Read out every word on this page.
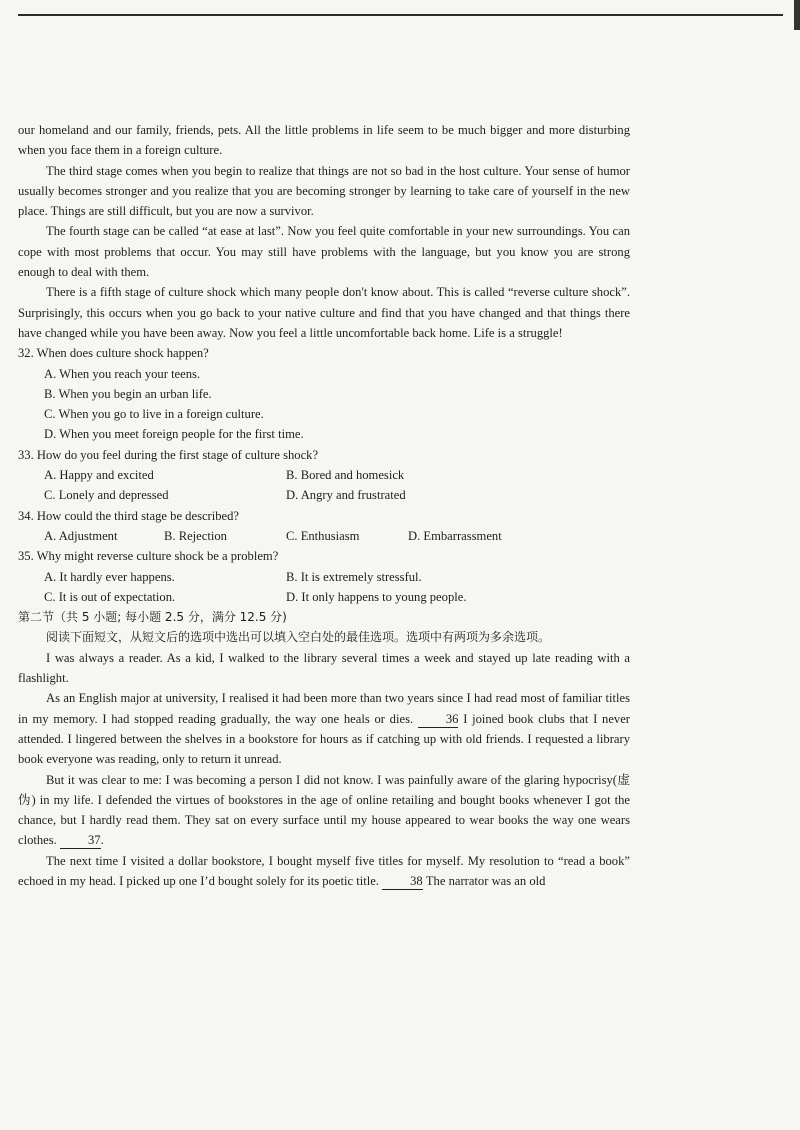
our homeland and our family, friends, pets. All the little problems in life seem to be much bigger and more disturbing when you face them in a foreign culture.

The third stage comes when you begin to realize that things are not so bad in the host culture. Your sense of humor usually becomes stronger and you realize that you are becoming stronger by learning to take care of yourself in the new place. Things are still difficult, but you are now a survivor.

The fourth stage can be called “at ease at last”. Now you feel quite comfortable in your new surroundings. You can cope with most problems that occur. You may still have problems with the language, but you know you are strong enough to deal with them.

There is a fifth stage of culture shock which many people don't know about. This is called “reverse culture shock”. Surprisingly, this occurs when you go back to your native culture and find that you have changed and that things there have changed while you have been away. Now you feel a little uncomfortable back home. Life is a struggle!

32. When does culture shock happen?

A. When you reach your teens.

B. When you begin an urban life.

C. When you go to live in a foreign culture.

D. When you meet foreign people for the first time.

33. How do you feel during the first stage of culture shock?

A. Happy and excited	B. Bored and homesick
C. Lonely and depressed	D. Angry and frustrated

34. How could the third stage be described?

A. Adjustment	B. Rejection	C. Enthusiasm	D. Embarrassment

35. Why might reverse culture shock be a problem?

A. It hardly ever happens.	B. It is extremely stressful.
C. It is out of expectation.	D. It only happens to young people.

第二节（共 5 小题; 每小题 2.5 分，满分 12.5 分)

阅读下面短文，从短文后的选项中选出可以填入空白处的最佳选项。选项中有两项为多余选项。

I was always a reader. As a kid, I walked to the library several times a week and stayed up late reading with a flashlight.

As an English major at university, I realised it had been more than two years since I had read most of familiar titles in my memory. I had stopped reading gradually, the way one heals or dies.	36 I joined book clubs that I never attended. I lingered between the shelves in a bookstore for hours as if catching up with old friends. I requested a library book everyone was reading, only to return it unread.

But it was clear to me: I was becoming a person I did not know. I was painfully aware of the glaring hypocrisy(虚伪) in my life. I defended the virtues of bookstores in the age of online retailing and bought books whenever I got the chance, but I hardly read them. They sat on every surface until my house appeared to wear books the way one wears clothes. 37.

The next time I visited a dollar bookstore, I bought myself five titles for myself. My resolution to “read a book” echoed in my head. I picked up one I’d bought solely for its poetic title. 38 The narrator was an old
